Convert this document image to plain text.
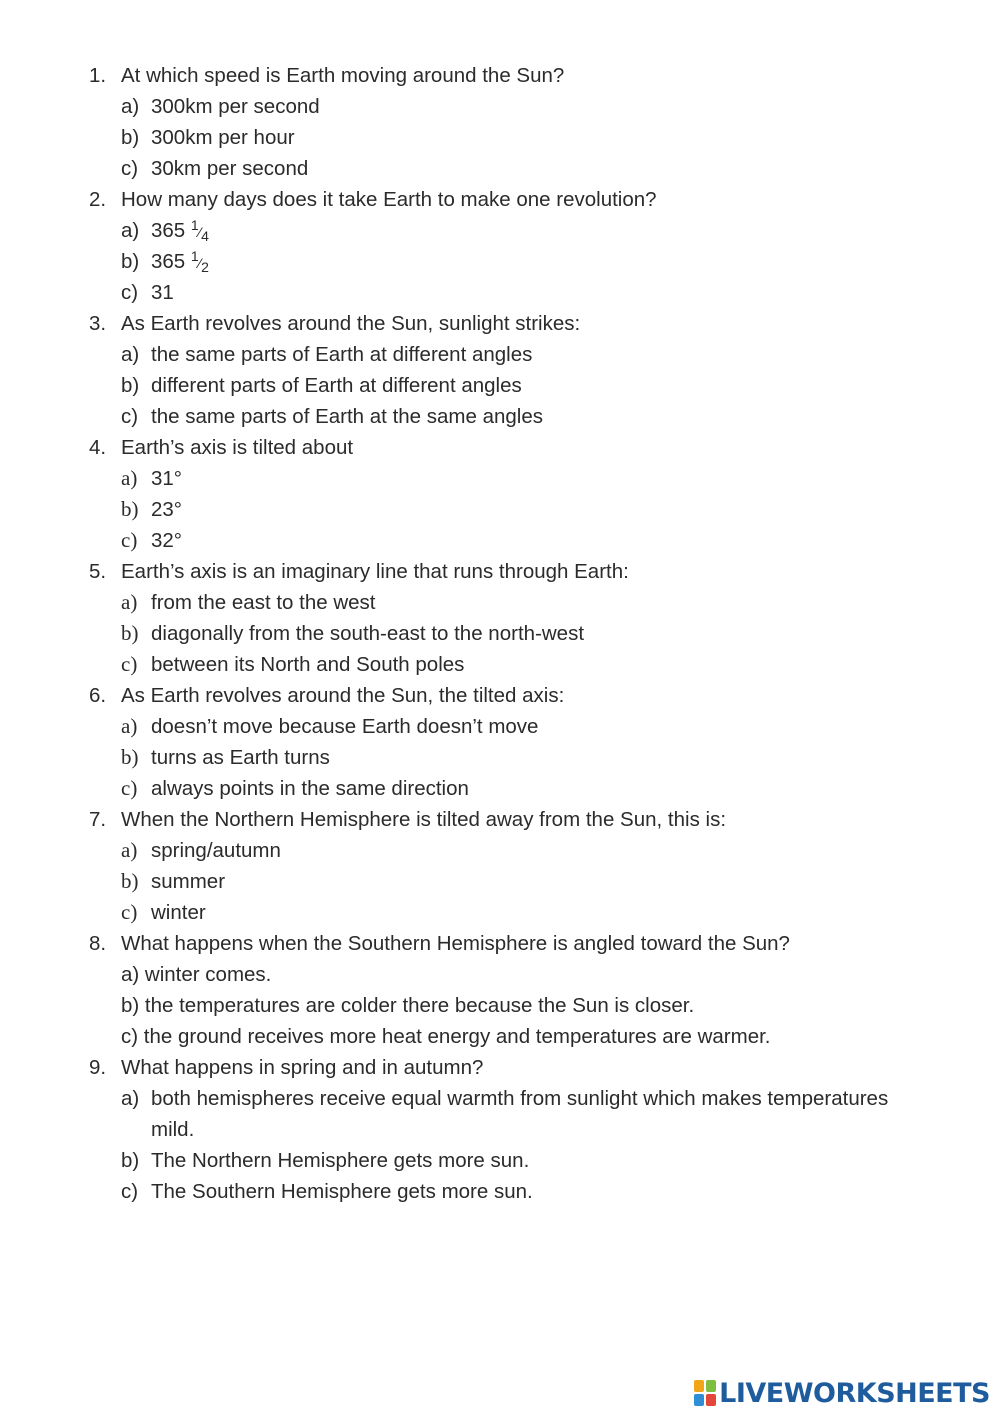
1. At which speed is Earth moving around the Sun?
a) 300km per second
b) 300km per hour
c) 30km per second
2. How many days does it take Earth to make one revolution?
a) 365 1⁄4
b) 365 1⁄2
c) 31
3. As Earth revolves around the Sun, sunlight strikes:
a) the same parts of Earth at different angles
b) different parts of Earth at different angles
c) the same parts of Earth at the same angles
4. Earth’s axis is tilted about
a) 31°
b) 23°
c) 32°
5. Earth’s axis is an imaginary line that runs through Earth:
a) from the east to the west
b) diagonally from the south-east to the north-west
c) between its North and South poles
6. As Earth revolves around the Sun, the tilted axis:
a) doesn’t move because Earth doesn’t move
b) turns as Earth turns
c) always points in the same direction
7. When the Northern Hemisphere is tilted away from the Sun, this is:
a) spring/autumn
b) summer
c) winter
8. What happens when the Southern Hemisphere is angled toward the Sun?
a) winter comes.
b) the temperatures are colder there because the Sun is closer.
c) the ground receives more heat energy and temperatures are warmer.
9. What happens in spring and in autumn?
a) both hemispheres receive equal warmth from sunlight which makes temperatures
mild.
b) The Northern Hemisphere gets more sun.
c) The Southern Hemisphere gets more sun.
LIVEWORKSHEETS
